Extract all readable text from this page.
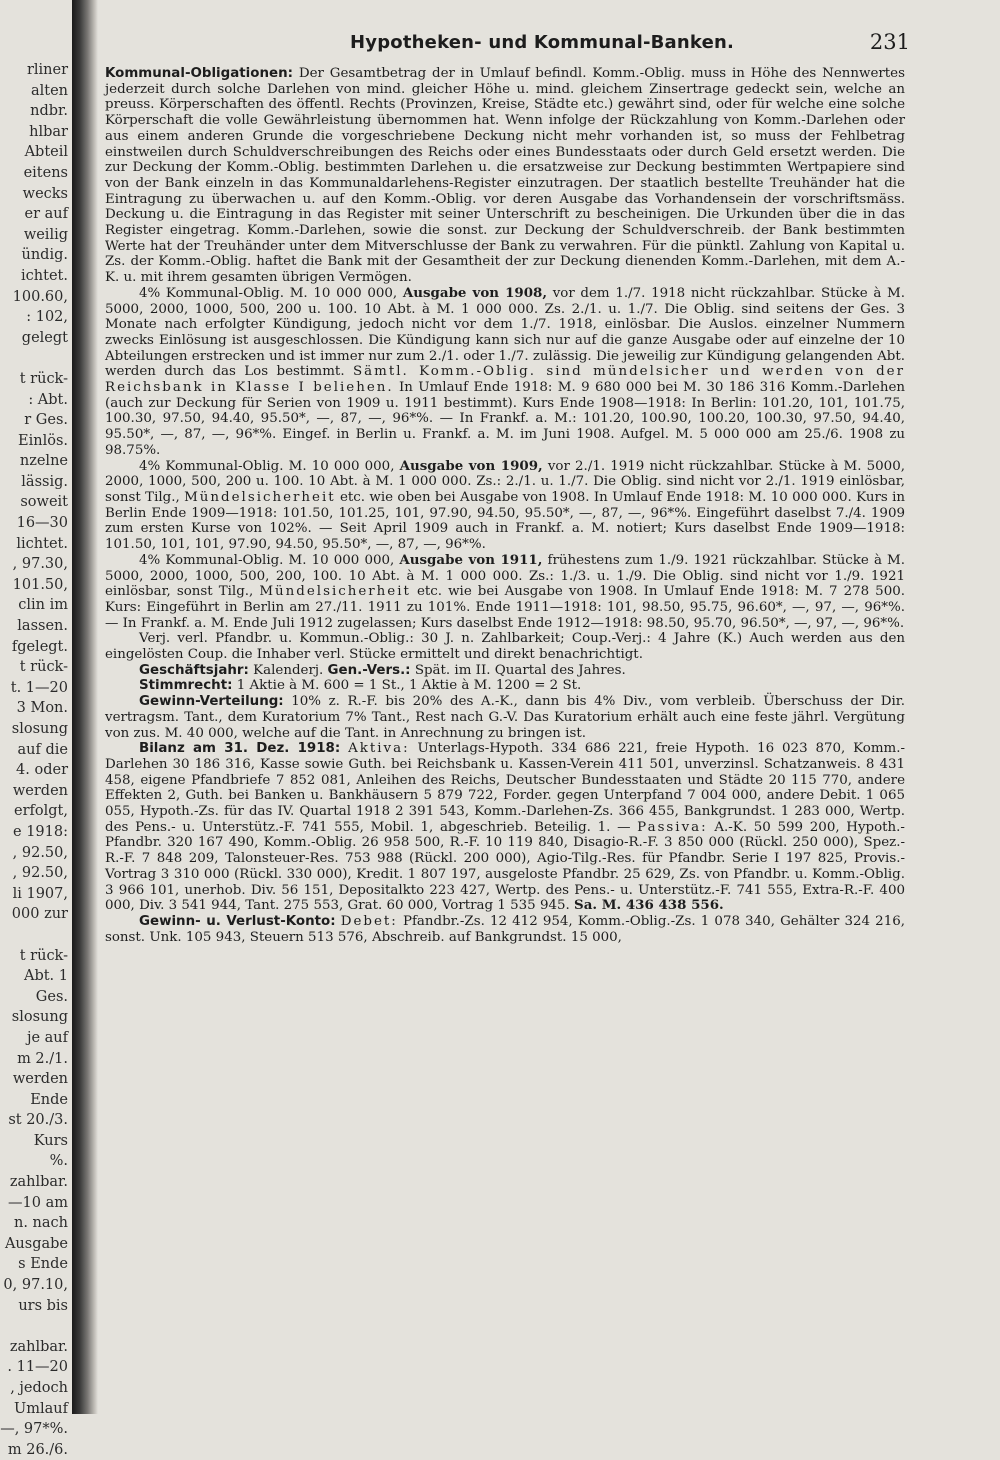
rliner
alten
ndbr.
hlbar
Abteil
eitens
wecks
er auf
weilig
ündig.
ichtet.
100.60,
: 102,
gelegt

t rück-
: Abt.
r Ges.
Einlös.
nzelne
lässig.
soweit
16—30
lichtet.
, 97.30,
101.50,
clin im
lassen.
fgelegt.
t rück-
t. 1—20
3 Mon.
slosung
auf die
4. oder
werden
erfolgt,
e 1918:
, 92.50,
, 92.50,
li 1907,
000 zur

t rück-
Abt. 1
Ges.
slosung
je auf
m 2./1.
werden
Ende
st 20./3.
Kurs
%.
zahlbar.
—10 am
n. nach
Ausgabe
s Ende
0, 97.10,
urs bis

zahlbar.
. 11—20
, jedoch
Umlauf
—, 97*%.
m 26./6.
Hypotheken- und Kommunal-Banken.	231

Kommunal-Obligationen: Der Gesamtbetrag der in Umlauf befindl. Komm.-Oblig. muss in Höhe des Nennwertes jederzeit durch solche Darlehen von mind. gleicher Höhe u. mind. gleichem Zinsertrage gedeckt sein, welche an preuss. Körperschaften des öffentl. Rechts (Provinzen, Kreise, Städte etc.) gewährt sind, oder für welche eine solche Körperschaft die volle Gewährleistung übernommen hat. Wenn infolge der Rückzahlung von Komm.-Darlehen oder aus einem anderen Grunde die vorgeschriebene Deckung nicht mehr vorhanden ist, so muss der Fehlbetrag einstweilen durch Schuldverschreibungen des Reichs oder eines Bundesstaats oder durch Geld ersetzt werden. Die zur Deckung der Komm.-Oblig. bestimmten Darlehen u. die ersatzweise zur Deckung bestimmten Wertpapiere sind von der Bank einzeln in das Kommunaldarlehens-Register einzutragen. Der staatlich bestellte Treuhänder hat die Eintragung zu überwachen u. auf den Komm.-Oblig. vor deren Ausgabe das Vorhandensein der vorschriftsmäss. Deckung u. die Eintragung in das Register mit seiner Unterschrift zu bescheinigen. Die Urkunden über die in das Register eingetrag. Komm.-Darlehen, sowie die sonst. zur Deckung der Schuldverschreib. der Bank bestimmten Werte hat der Treuhänder unter dem Mitverschlusse der Bank zu verwahren. Für die pünktl. Zahlung von Kapital u. Zs. der Komm.-Oblig. haftet die Bank mit der Gesamtheit der zur Deckung dienenden Komm.-Darlehen, mit dem A.-K. u. mit ihrem gesamten übrigen Vermögen.

4% Kommunal-Oblig. M. 10 000 000, Ausgabe von 1908, vor dem 1./7. 1918 nicht rückzahlbar. Stücke à M. 5000, 2000, 1000, 500, 200 u. 100. 10 Abt. à M. 1 000 000. Zs. 2./1. u. 1./7. Die Oblig. sind seitens der Ges. 3 Monate nach erfolgter Kündigung, jedoch nicht vor dem 1./7. 1918, einlösbar. Die Auslos. einzelner Nummern zwecks Einlösung ist ausgeschlossen. Die Kündigung kann sich nur auf die ganze Ausgabe oder auf einzelne der 10 Abteilungen erstrecken und ist immer nur zum 2./1. oder 1./7. zulässig. Die jeweilig zur Kündigung gelangenden Abt. werden durch das Los bestimmt. Sämtl. Komm.-Oblig. sind mündelsicher und werden von der Reichsbank in Klasse I beliehen. In Umlauf Ende 1918: M. 9 680 000 bei M. 30 186 316 Komm.-Darlehen (auch zur Deckung für Serien von 1909 u. 1911 bestimmt). Kurs Ende 1908—1918: In Berlin: 101.20, 101, 101.75, 100.30, 97.50, 94.40, 95.50*, —, 87, —, 96*%. — In Frankf. a. M.: 101.20, 100.90, 100.20, 100.30, 97.50, 94.40, 95.50*, —, 87, —, 96*%. Eingef. in Berlin u. Frankf. a. M. im Juni 1908. Aufgel. M. 5 000 000 am 25./6. 1908 zu 98.75%.

4% Kommunal-Oblig. M. 10 000 000, Ausgabe von 1909, vor 2./1. 1919 nicht rückzahlbar. Stücke à M. 5000, 2000, 1000, 500, 200 u. 100. 10 Abt. à M. 1 000 000. Zs.: 2./1. u. 1./7. Die Oblig. sind nicht vor 2./1. 1919 einlösbar, sonst Tilg., Mündelsicherheit etc. wie oben bei Ausgabe von 1908. In Umlauf Ende 1918: M. 10 000 000. Kurs in Berlin Ende 1909—1918: 101.50, 101.25, 101, 97.90, 94.50, 95.50*, —, 87, —, 96*%. Eingeführt daselbst 7./4. 1909 zum ersten Kurse von 102%. — Seit April 1909 auch in Frankf. a. M. notiert; Kurs daselbst Ende 1909—1918: 101.50, 101, 101, 97.90, 94.50, 95.50*, —, 87, —, 96*%.

4% Kommunal-Oblig. M. 10 000 000, Ausgabe von 1911, frühestens zum 1./9. 1921 rückzahlbar. Stücke à M. 5000, 2000, 1000, 500, 200, 100. 10 Abt. à M. 1 000 000. Zs.: 1./3. u. 1./9. Die Oblig. sind nicht vor 1./9. 1921 einlösbar, sonst Tilg., Mündelsicherheit etc. wie bei Ausgabe von 1908. In Umlauf Ende 1918: M. 7 278 500. Kurs: Eingeführt in Berlin am 27./11. 1911 zu 101%. Ende 1911—1918: 101, 98.50, 95.75, 96.60*, —, 97, —, 96*%. — In Frankf. a. M. Ende Juli 1912 zugelassen; Kurs daselbst Ende 1912—1918: 98.50, 95.70, 96.50*, —, 97, —, 96*%.

Verj. verl. Pfandbr. u. Kommun.-Oblig.: 30 J. n. Zahlbarkeit; Coup.-Verj.: 4 Jahre (K.) Auch werden aus den eingelösten Coup. die Inhaber verl. Stücke ermittelt und direkt benachrichtigt.

Geschäftsjahr: Kalenderj. Gen.-Vers.: Spät. im II. Quartal des Jahres.

Stimmrecht: 1 Aktie à M. 600 = 1 St., 1 Aktie à M. 1200 = 2 St.

Gewinn-Verteilung: 10% z. R.-F. bis 20% des A.-K., dann bis 4% Div., vom verbleib. Überschuss der Dir. vertragsm. Tant., dem Kuratorium 7% Tant., Rest nach G.-V. Das Kuratorium erhält auch eine feste jährl. Vergütung von zus. M. 40 000, welche auf die Tant. in Anrechnung zu bringen ist.

Bilanz am 31. Dez. 1918: Aktiva: Unterlags-Hypoth. 334 686 221, freie Hypoth. 16 023 870, Komm.-Darlehen 30 186 316, Kasse sowie Guth. bei Reichsbank u. Kassen-Verein 411 501, unverzinsl. Schatzanweis. 8 431 458, eigene Pfandbriefe 7 852 081, Anleihen des Reichs, Deutscher Bundesstaaten und Städte 20 115 770, andere Effekten 2, Guth. bei Banken u. Bankhäusern 5 879 722, Forder. gegen Unterpfand 7 004 000, andere Debit. 1 065 055, Hypoth.-Zs. für das IV. Quartal 1918 2 391 543, Komm.-Darlehen-Zs. 366 455, Bankgrundst. 1 283 000, Wertp. des Pens.- u. Unterstütz.-F. 741 555, Mobil. 1, abgeschrieb. Beteilig. 1. — Passiva: A.-K. 50 599 200, Hypoth.-Pfandbr. 320 167 490, Komm.-Oblig. 26 958 500, R.-F. 10 119 840, Disagio-R.-F. 3 850 000 (Rückl. 250 000), Spez.-R.-F. 7 848 209, Talonsteuer-Res. 753 988 (Rückl. 200 000), Agio-Tilg.-Res. für Pfandbr. Serie I 197 825, Provis.-Vortrag 3 310 000 (Rückl. 330 000), Kredit. 1 807 197, ausgeloste Pfandbr. 25 629, Zs. von Pfandbr. u. Komm.-Oblig. 3 966 101, unerhob. Div. 56 151, Depositalkto 223 427, Wertp. des Pens.- u. Unterstütz.-F. 741 555, Extra-R.-F. 400 000, Div. 3 541 944, Tant. 275 553, Grat. 60 000, Vortrag 1 535 945. Sa. M. 436 438 556.

Gewinn- u. Verlust-Konto: Debet: Pfandbr.-Zs. 12 412 954, Komm.-Oblig.-Zs. 1 078 340, Gehälter 324 216, sonst. Unk. 105 943, Steuern 513 576, Abschreib. auf Bankgrundst. 15 000,
